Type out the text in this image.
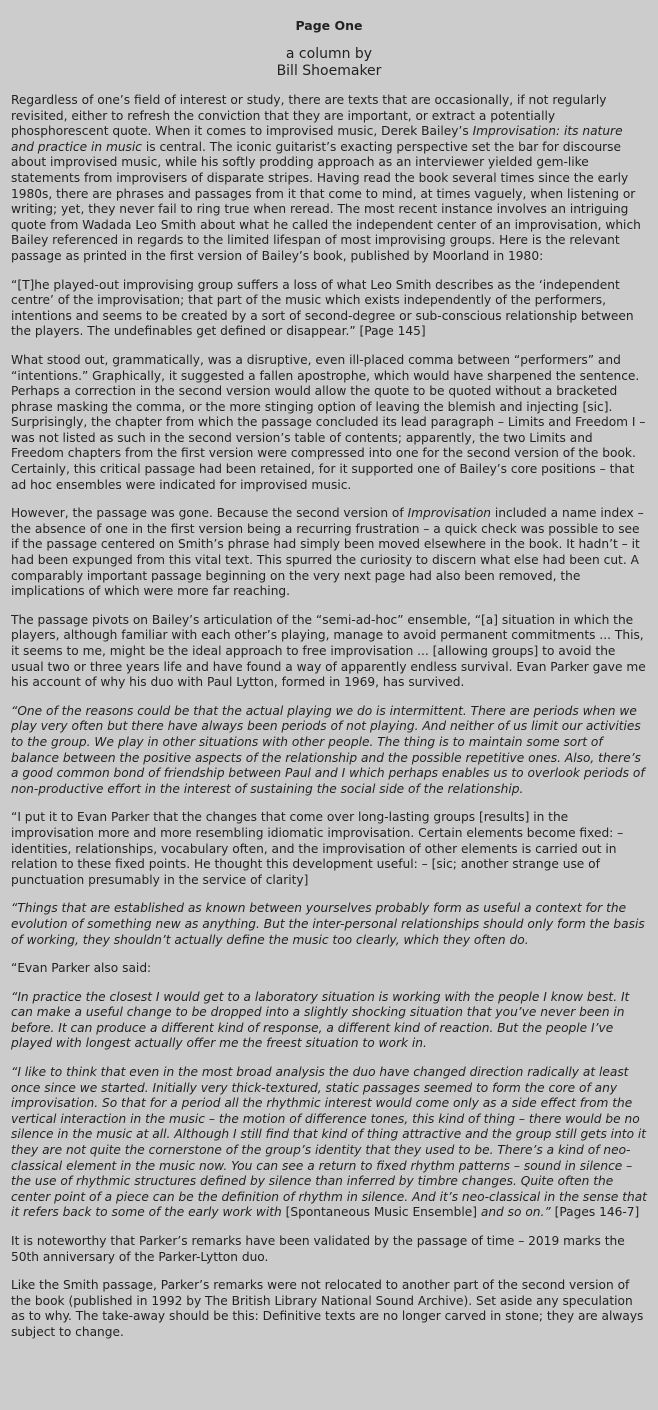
Page One
a column by
Bill Shoemaker

Regardless of one’s field of interest or study, there are texts that are occasionally, if not regularly revisited, either to refresh the conviction that they are important, or extract a potentially phosphorescent quote. When it comes to improvised music, Derek Bailey’s Improvisation: its nature and practice in music is central. The iconic guitarist’s exacting perspective set the bar for discourse about improvised music, while his softly prodding approach as an interviewer yielded gem-like statements from improvisers of disparate stripes. Having read the book several times since the early 1980s, there are phrases and passages from it that come to mind, at times vaguely, when listening or writing; yet, they never fail to ring true when reread. The most recent instance involves an intriguing quote from Wadada Leo Smith about what he called the independent center of an improvisation, which Bailey referenced in regards to the limited lifespan of most improvising groups. Here is the relevant passage as printed in the first version of Bailey’s book, published by Moorland in 1980:

“[T]he played-out improvising group suffers a loss of what Leo Smith describes as the ‘independent centre’ of the improvisation; that part of the music which exists independently of the performers, intentions and seems to be created by a sort of second-degree or sub-conscious relationship between the players. The undefinables get defined or disappear.” [Page 145]

What stood out, grammatically, was a disruptive, even ill-placed comma between “performers” and “intentions.” Graphically, it suggested a fallen apostrophe, which would have sharpened the sentence. Perhaps a correction in the second version would allow the quote to be quoted without a bracketed phrase masking the comma, or the more stinging option of leaving the blemish and injecting [sic]. Surprisingly, the chapter from which the passage concluded its lead paragraph – Limits and Freedom I – was not listed as such in the second version’s table of contents; apparently, the two Limits and Freedom chapters from the first version were compressed into one for the second version of the book. Certainly, this critical passage had been retained, for it supported one of Bailey’s core positions – that ad hoc ensembles were indicated for improvised music.

However, the passage was gone. Because the second version of Improvisation included a name index – the absence of one in the first version being a recurring frustration – a quick check was possible to see if the passage centered on Smith’s phrase had simply been moved elsewhere in the book. It hadn’t – it had been expunged from this vital text. This spurred the curiosity to discern what else had been cut. A comparably important passage beginning on the very next page had also been removed, the implications of which were more far reaching.

The passage pivots on Bailey’s articulation of the “semi-ad-hoc” ensemble, “[a] situation in which the players, although familiar with each other’s playing, manage to avoid permanent commitments ... This, it seems to me, might be the ideal approach to free improvisation ... [allowing groups] to avoid the usual two or three years life and have found a way of apparently endless survival. Evan Parker gave me his account of why his duo with Paul Lytton, formed in 1969, has survived.

“One of the reasons could be that the actual playing we do is intermittent. There are periods when we play very often but there have always been periods of not playing. And neither of us limit our activities to the group. We play in other situations with other people. The thing is to maintain some sort of balance between the positive aspects of the relationship and the possible repetitive ones. Also, there’s a good common bond of friendship between Paul and I which perhaps enables us to overlook periods of non-productive effort in the interest of sustaining the social side of the relationship.

“I put it to Evan Parker that the changes that come over long-lasting groups [results] in the improvisation more and more resembling idiomatic improvisation. Certain elements become fixed: – identities, relationships, vocabulary often, and the improvisation of other elements is carried out in relation to these fixed points. He thought this development useful: – [sic; another strange use of punctuation presumably in the service of clarity]

“Things that are established as known between yourselves probably form as useful a context for the evolution of something new as anything. But the inter-personal relationships should only form the basis of working, they shouldn’t actually define the music too clearly, which they often do.

“Evan Parker also said:

“In practice the closest I would get to a laboratory situation is working with the people I know best. It can make a useful change to be dropped into a slightly shocking situation that you’ve never been in before. It can produce a different kind of response, a different kind of reaction. But the people I’ve played with longest actually offer me the freest situation to work in.

“I like to think that even in the most broad analysis the duo have changed direction radically at least once since we started. Initially very thick-textured, static passages seemed to form the core of any improvisation. So that for a period all the rhythmic interest would come only as a side effect from the vertical interaction in the music – the motion of difference tones, this kind of thing – there would be no silence in the music at all. Although I still find that kind of thing attractive and the group still gets into it they are not quite the cornerstone of the group’s identity that they used to be. There’s a kind of neo-classical element in the music now. You can see a return to fixed rhythm patterns – sound in silence – the use of rhythmic structures defined by silence than inferred by timbre changes. Quite often the center point of a piece can be the definition of rhythm in silence. And it’s neo-classical in the sense that it refers back to some of the early work with [Spontaneous Music Ensemble] and so on.” [Pages 146-7]

It is noteworthy that Parker’s remarks have been validated by the passage of time – 2019 marks the 50th anniversary of the Parker-Lytton duo.

Like the Smith passage, Parker’s remarks were not relocated to another part of the second version of the book (published in 1992 by The British Library National Sound Archive). Set aside any speculation as to why. The take-away should be this: Definitive texts are no longer carved in stone; they are always subject to change.
